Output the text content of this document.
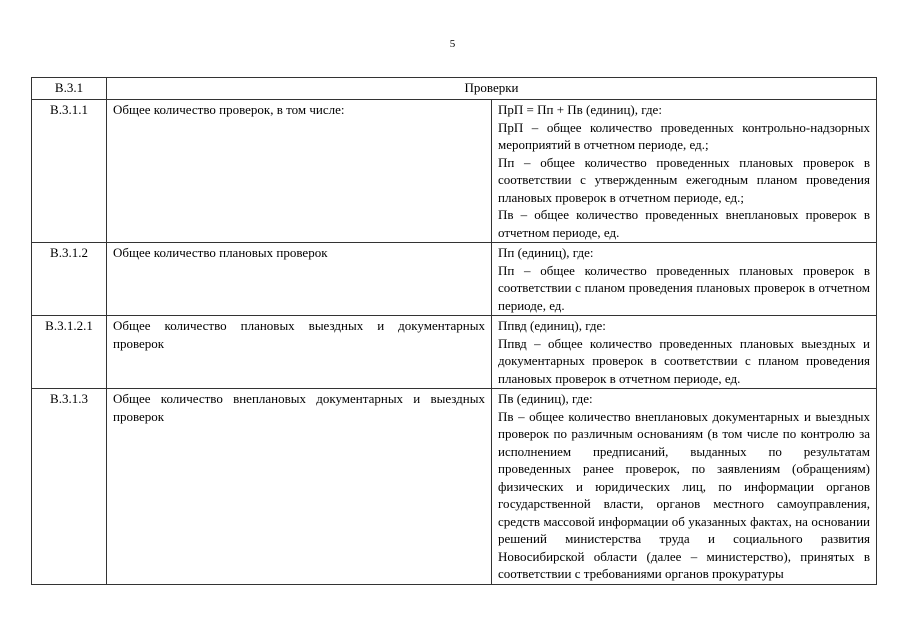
5
В.3.1	Проверки	
В.3.1.1	Общее количество проверок, в том числе:	ПрП = Пп + Пв (единиц), где:
ПрП – общее количество проведенных контрольно-надзорных мероприятий в отчетном периоде, ед.;
Пп – общее количество проведенных плановых проверок в соответствии с утвержденным ежегодным планом проведения плановых проверок в отчетном периоде, ед.;
Пв – общее количество проведенных внеплановых проверок в отчетном периоде, ед.

В.3.1.2	Общее количество плановых проверок	Пп (единиц), где:
Пп – общее количество проведенных плановых проверок в соответствии с планом проведения плановых проверок в отчетном периоде, ед.

В.3.1.2.1	Общее количество плановых выездных и документарных проверок	Ппвд (единиц), где:
Ппвд – общее количество проведенных плановых выездных и документарных проверок в соответствии с планом проведения плановых проверок в отчетном периоде, ед.

В.3.1.3	Общее количество внеплановых документарных и выездных проверок	Пв (единиц), где:
Пв – общее количество внеплановых документарных и выездных проверок по различным основаниям (в том числе по контролю за исполнением предписаний, выданных по результатам проведенных ранее проверок, по заявлениям (обращениям) физических и юридических лиц, по информации органов государственной власти, органов местного самоуправления, средств массовой информации об указанных фактах, на основании решений министерства труда и социального развития Новосибирской области (далее – министерство), принятых в соответствии с требованиями органов прокуратуры
